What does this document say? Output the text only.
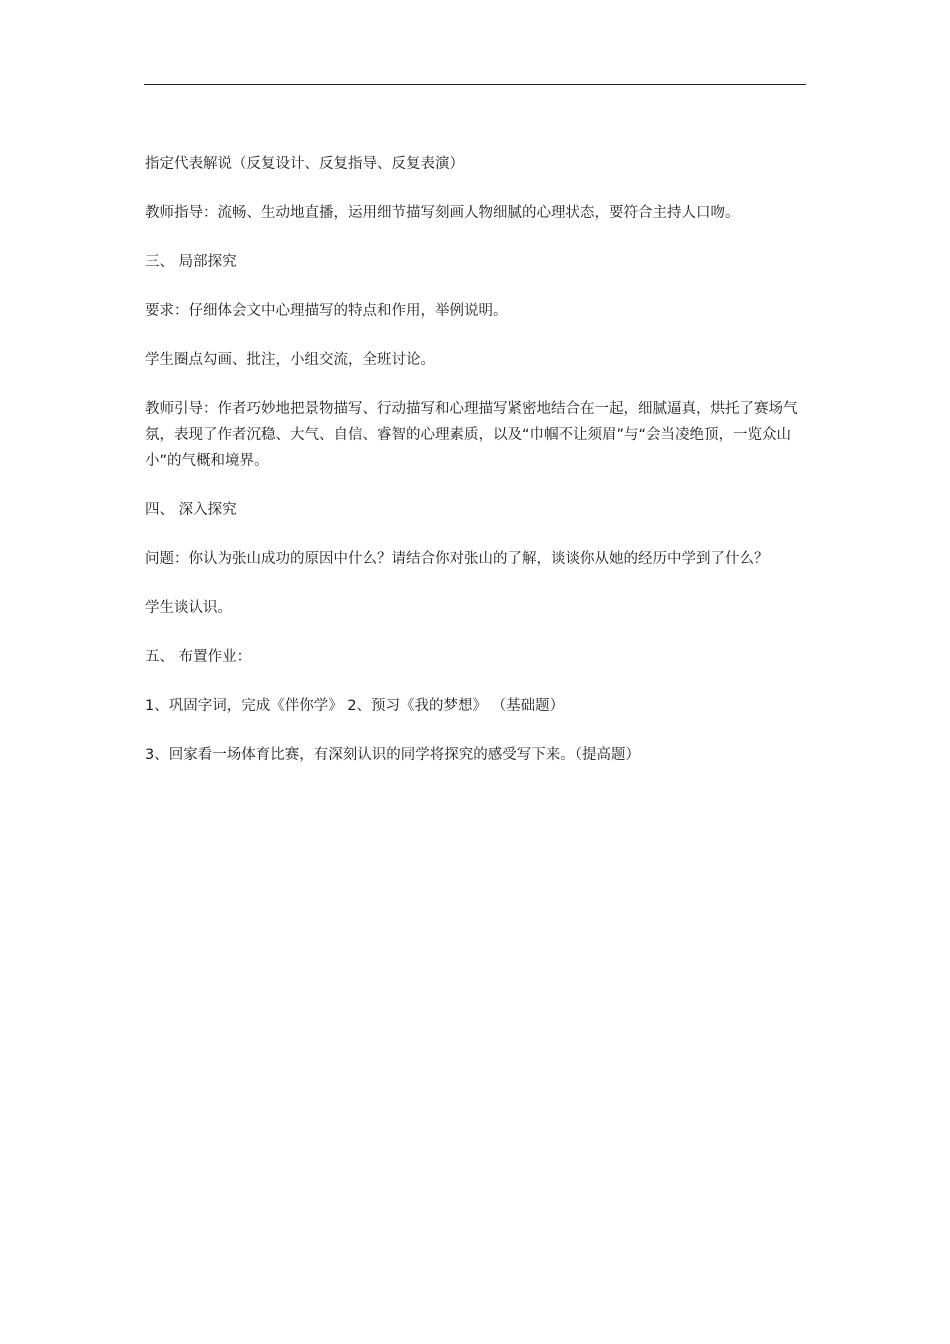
指定代表解说（反复设计、反复指导、反复表演）

教师指导：流畅、生动地直播，运用细节描写刻画人物细腻的心理状态，要符合主持人口吻。

三、 局部探究

要求：仔细体会文中心理描写的特点和作用，举例说明。

学生圈点勾画、批注，小组交流，全班讨论。

教师引导：作者巧妙地把景物描写、行动描写和心理描写紧密地结合在一起，细腻逼真，烘托了赛场气氛，表现了作者沉稳、大气、自信、睿智的心理素质，以及“巾帼不让须眉”与“会当凌绝顶，一览众山小”的气概和境界。

四、 深入探究

问题：你认为张山成功的原因中什么？请结合你对张山的了解，谈谈你从她的经历中学到了什么？

学生谈认识。

五、 布置作业：

1、巩固字词，完成《伴你学》 2、预习《我的梦想》 （基础题）

3、回家看一场体育比赛，有深刻认识的同学将探究的感受写下来。（提高题）
